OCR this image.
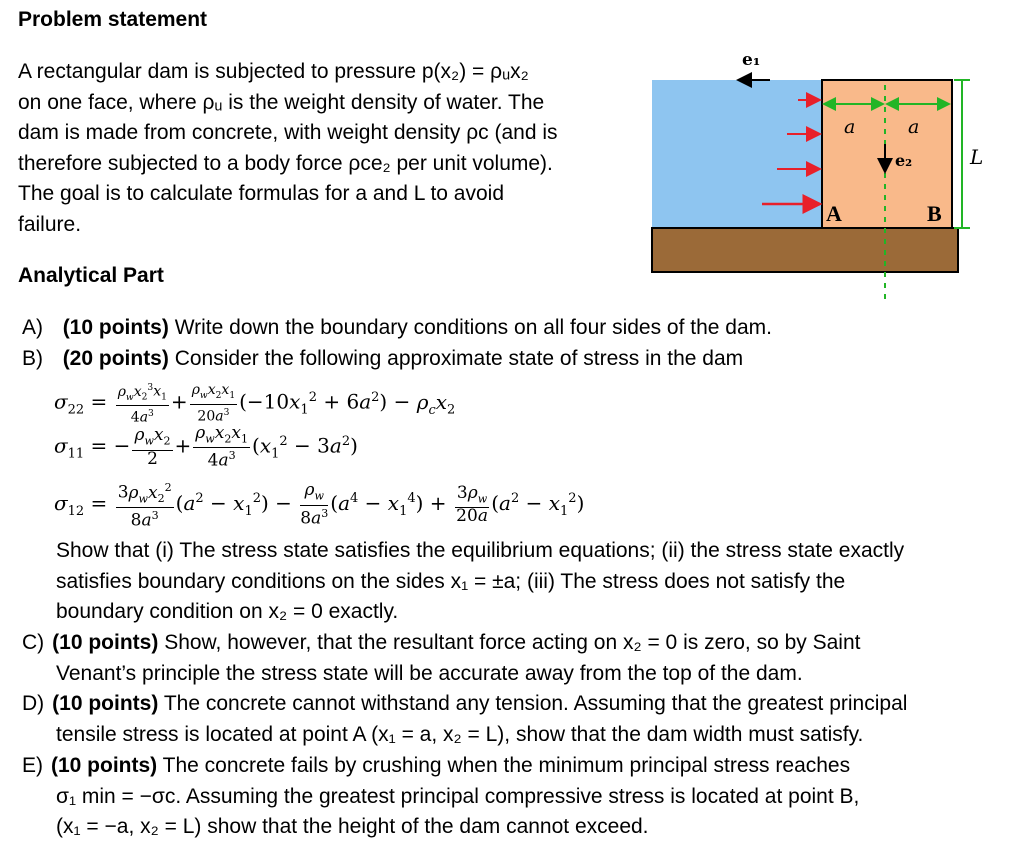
Problem statement
A rectangular dam is subjected to pressure p(x₂) = ρᵤx₂
on one face, where ρᵤ is the weight density of water. The
dam is made from concrete, with weight density ρc (and is
therefore subjected to a body force ρce₂ per unit volume).
The goal is to calculate formulas for a and L to avoid
failure.
e₁
e₂
a	a
L
A	B
Analytical Part
A) (10 points) Write down the boundary conditions on all four sides of the dam.
B) (20 points) Consider the following approximate state of stress in the dam
$\sigma_{22} = \frac{\rho_wx_2^3x_1}{4a^3} + \frac{\rho_wx_2x_1}{20a^3} (-10x_1^2 + 6a^2) - \rho_cx_2$
$\sigma_{11}$ = − $\frac{\rho_wx_2}{2} + \frac{\rho_wx_2x_1}{4a^3} (x_1^2 - 3a^2)$
$\sigma_{12} = \frac{3\rho_wx_2^2}{8a^3} (a^2 - x_1^2) - \frac{\rho_w}{8a^3} (a^4 - x_1^4) + \frac{3\rho_w}{20a} (a^2 - x_1^2)$
Show that (i) The stress state satisfies the equilibrium equations; (ii) the stress state exactly
satisfies boundary conditions on the sides x₁ = ±a; (iii) The stress does not satisfy the
boundary condition on x₂ = 0 exactly.
C) (10 points) Show, however, that the resultant force acting on x₂ = 0 is zero, so by Saint
Venant’s principle the stress state will be accurate away from the top of the dam.
D) (10 points) The concrete cannot withstand any tension. Assuming that the greatest principal
tensile stress is located at point A (x₁ = a, x₂ = L), show that the dam width must satisfy.
E) (10 points) The concrete fails by crushing when the minimum principal stress reaches
σ₁ min = −σc. Assuming the greatest principal compressive stress is located at point B,
(x₁ = −a, x₂ = L) show that the height of the dam cannot exceed.
